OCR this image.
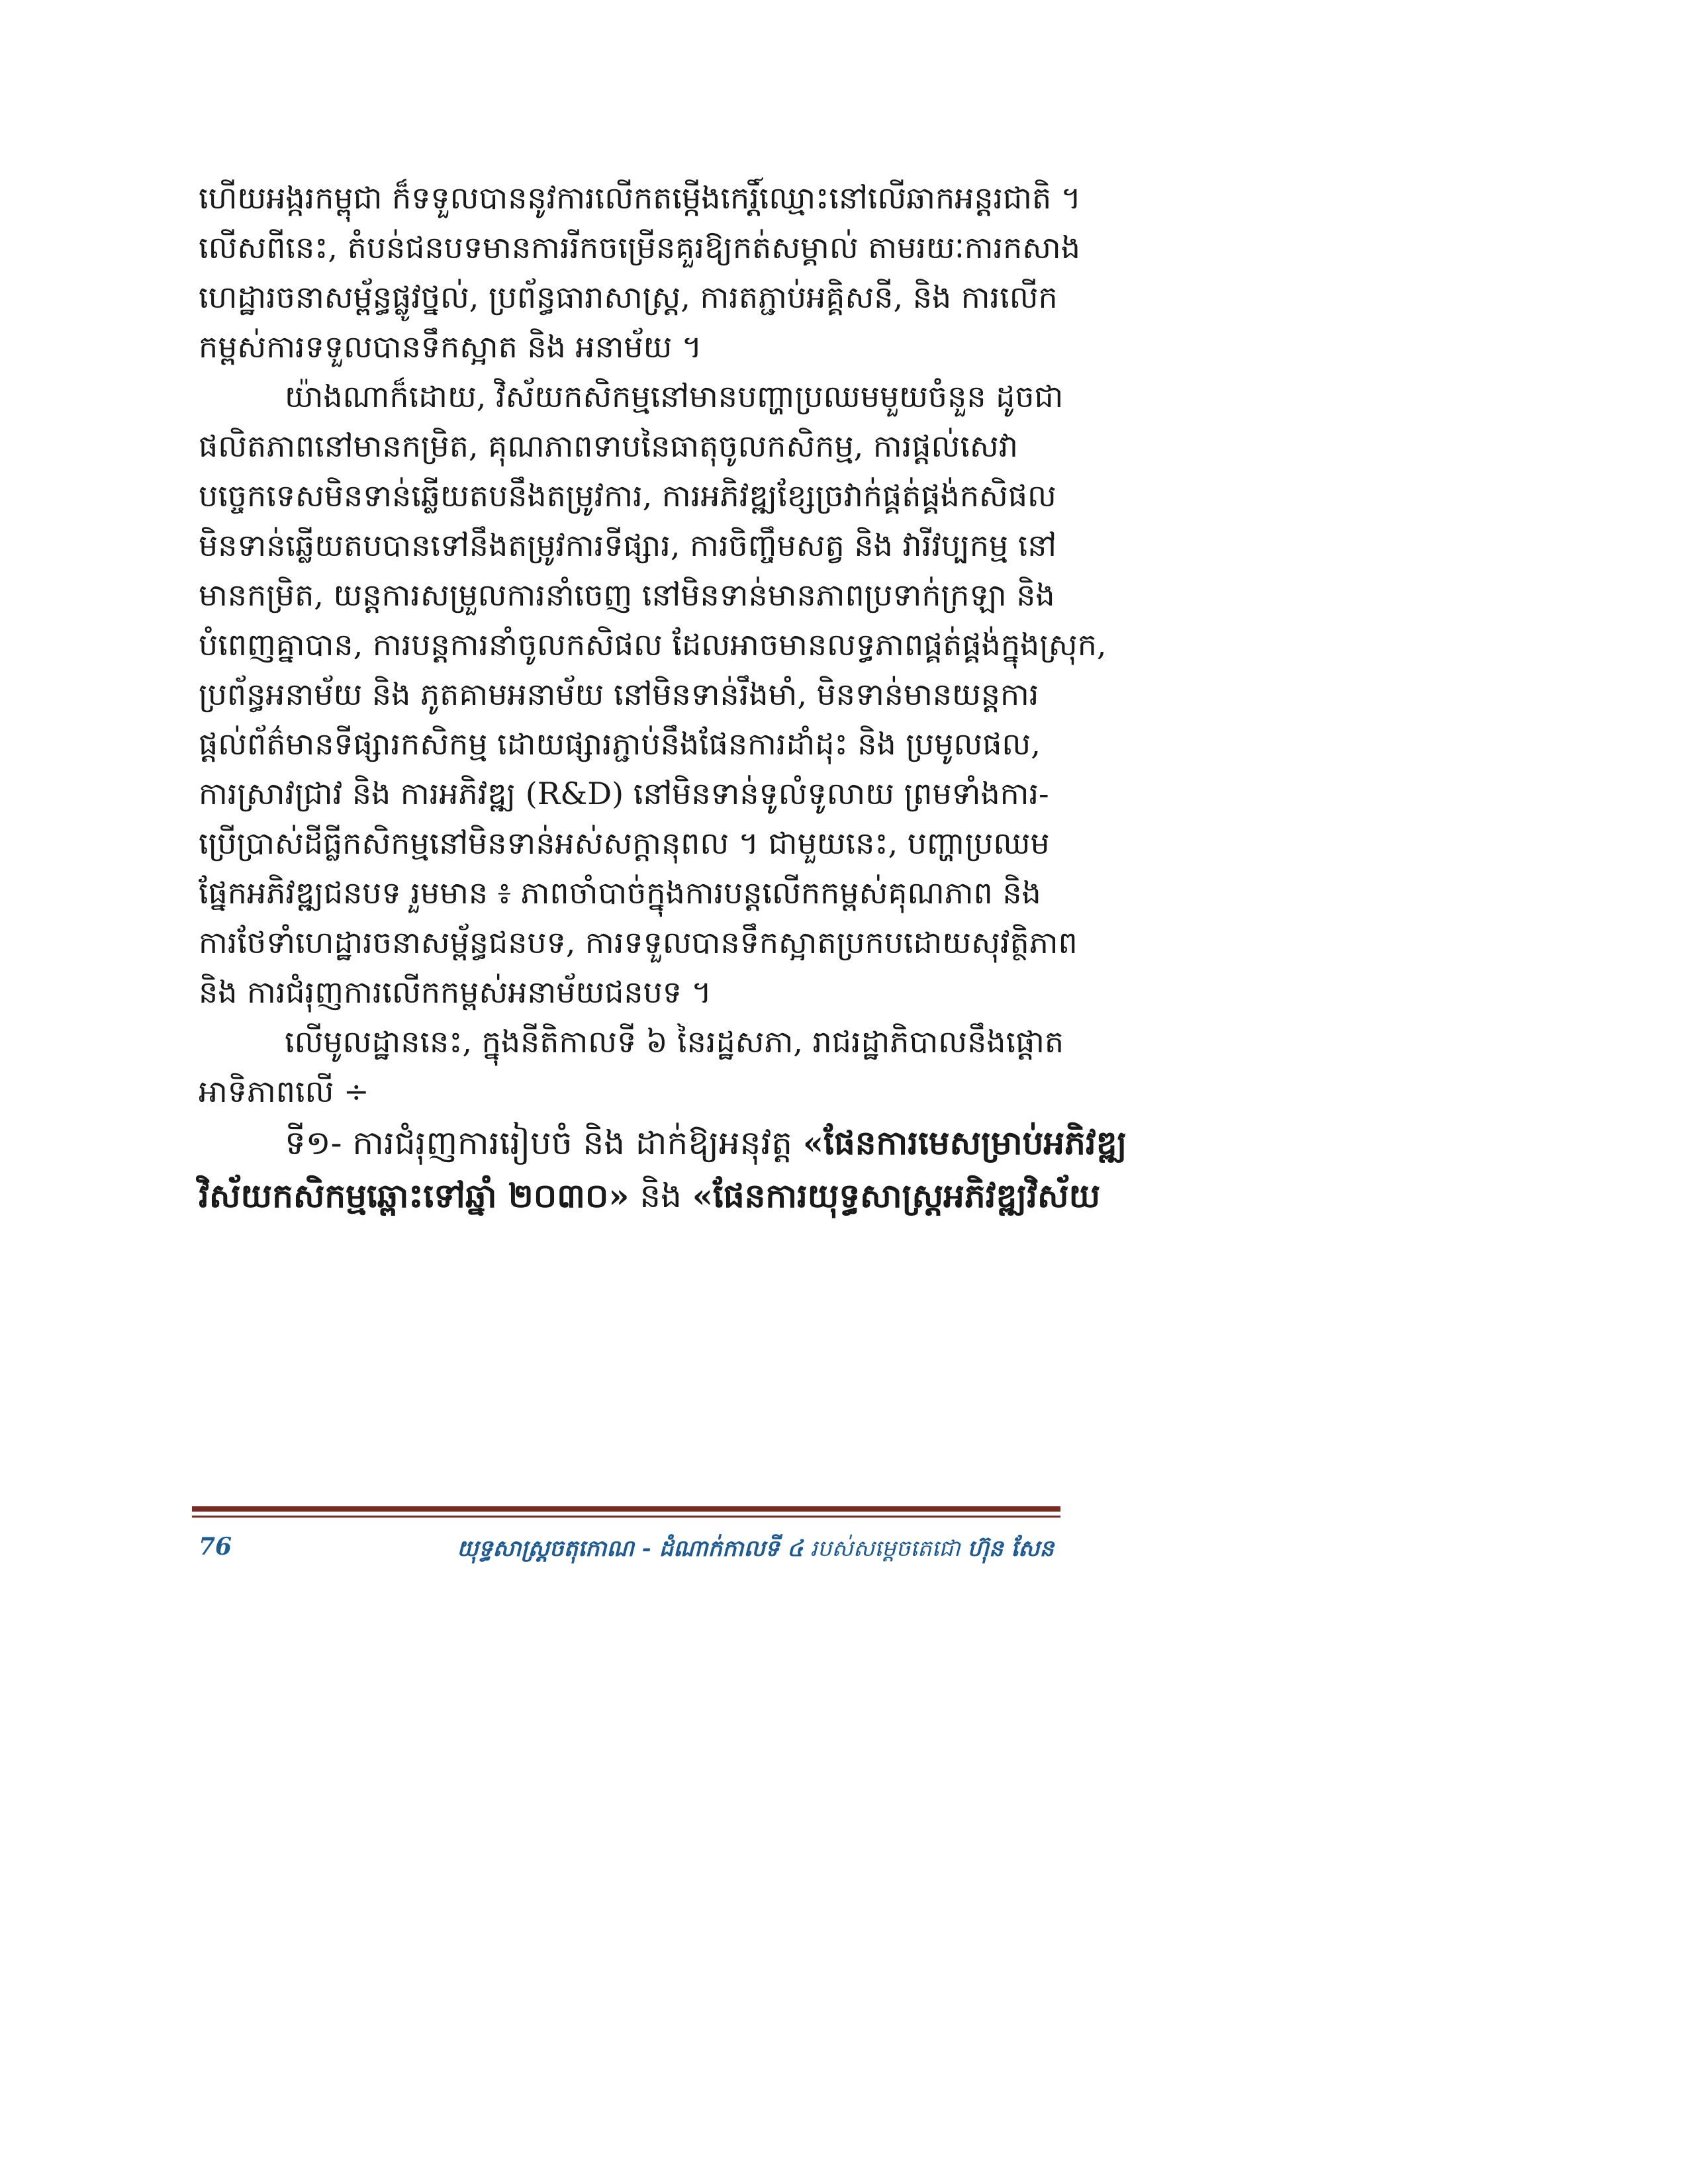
ហើយអង្ករកម្ពុជា ក៏ទទួលបាននូវការលើកតម្កើងកេរ្តិ៍ឈ្មោះនៅលើឆាកអន្តរជាតិ ។
លើសពីនេះ, តំបន់ជនបទមានការរីកចម្រើនគួរឱ្យកត់សម្គាល់ តាមរយៈការកសាង
ហេដ្ឋារចនាសម្ព័ន្ធផ្លូវថ្នល់, ប្រព័ន្ធធារាសាស្ត្រ, ការតភ្ជាប់អគ្គិសនី, និង ការលើក
កម្ពស់ការទទួលបានទឹកស្អាត និង អនាម័យ ។
យ៉ាងណាក៏ដោយ, វិស័យកសិកម្មនៅមានបញ្ហាប្រឈមមួយចំនួន ដូចជា
ផលិតភាពនៅមានកម្រិត, គុណភាពទាបនៃធាតុចូលកសិកម្ម, ការផ្តល់សេវា
បច្ចេកទេសមិនទាន់ឆ្លើយតបនឹងតម្រូវការ, ការអភិវឌ្ឍខ្សែច្រវាក់ផ្គត់ផ្គង់កសិផល
មិនទាន់ឆ្លើយតបបានទៅនឹងតម្រូវការទីផ្សារ, ការចិញ្ចឹមសត្វ និង វារីវប្បកម្ម នៅ
មានកម្រិត, យន្តការសម្រួលការនាំចេញ នៅមិនទាន់មានភាពប្រទាក់ក្រឡា និង
បំពេញគ្នាបាន, ការបន្តការនាំចូលកសិផល ដែលអាចមានលទ្ធភាពផ្គត់ផ្គង់ក្នុងស្រុក,
ប្រព័ន្ធអនាម័យ និង ភូតគាមអនាម័យ នៅមិនទាន់រឹងមាំ, មិនទាន់មានយន្តការ
ផ្តល់ព័ត៌មានទីផ្សារកសិកម្ម ដោយផ្សារភ្ជាប់នឹងផែនការដាំដុះ និង ប្រមូលផល,
ការស្រាវជ្រាវ និង ការអភិវឌ្ឍ (R&D) នៅមិនទាន់ទូលំទូលាយ ព្រមទាំងការ-
ប្រើប្រាស់ដីធ្លីកសិកម្មនៅមិនទាន់អស់សក្តានុពល ។ ជាមួយនេះ, បញ្ហាប្រឈម
ផ្នែកអភិវឌ្ឍជនបទ រួមមាន ៖ ភាពចាំបាច់ក្នុងការបន្តលើកកម្ពស់គុណភាព និង
ការថែទាំហេដ្ឋារចនាសម្ព័ន្ធជនបទ, ការទទួលបានទឹកស្អាតប្រកបដោយសុវត្ថិភាព
និង ការជំរុញការលើកកម្ពស់អនាម័យជនបទ ។
លើមូលដ្ឋាននេះ, ក្នុងនីតិកាលទី ៦ នៃរដ្ឋសភា, រាជរដ្ឋាភិបាលនឹងផ្តោត
អាទិភាពលើ ÷
ទី១- ការជំរុញការរៀបចំ និង ដាក់ឱ្យអនុវត្ត «ផែនការមេសម្រាប់អភិវឌ្ឍ
វិស័យកសិកម្មឆ្ពោះទៅឆ្នាំ ២០៣០» និង «ផែនការយុទ្ធសាស្ត្រអភិវឌ្ឍវិស័យ
76	យុទ្ធសាស្ត្រចតុកោណ - ដំណាក់កាលទី ៤ របស់សម្តេចតេជោ ហ៊ុន សែន
